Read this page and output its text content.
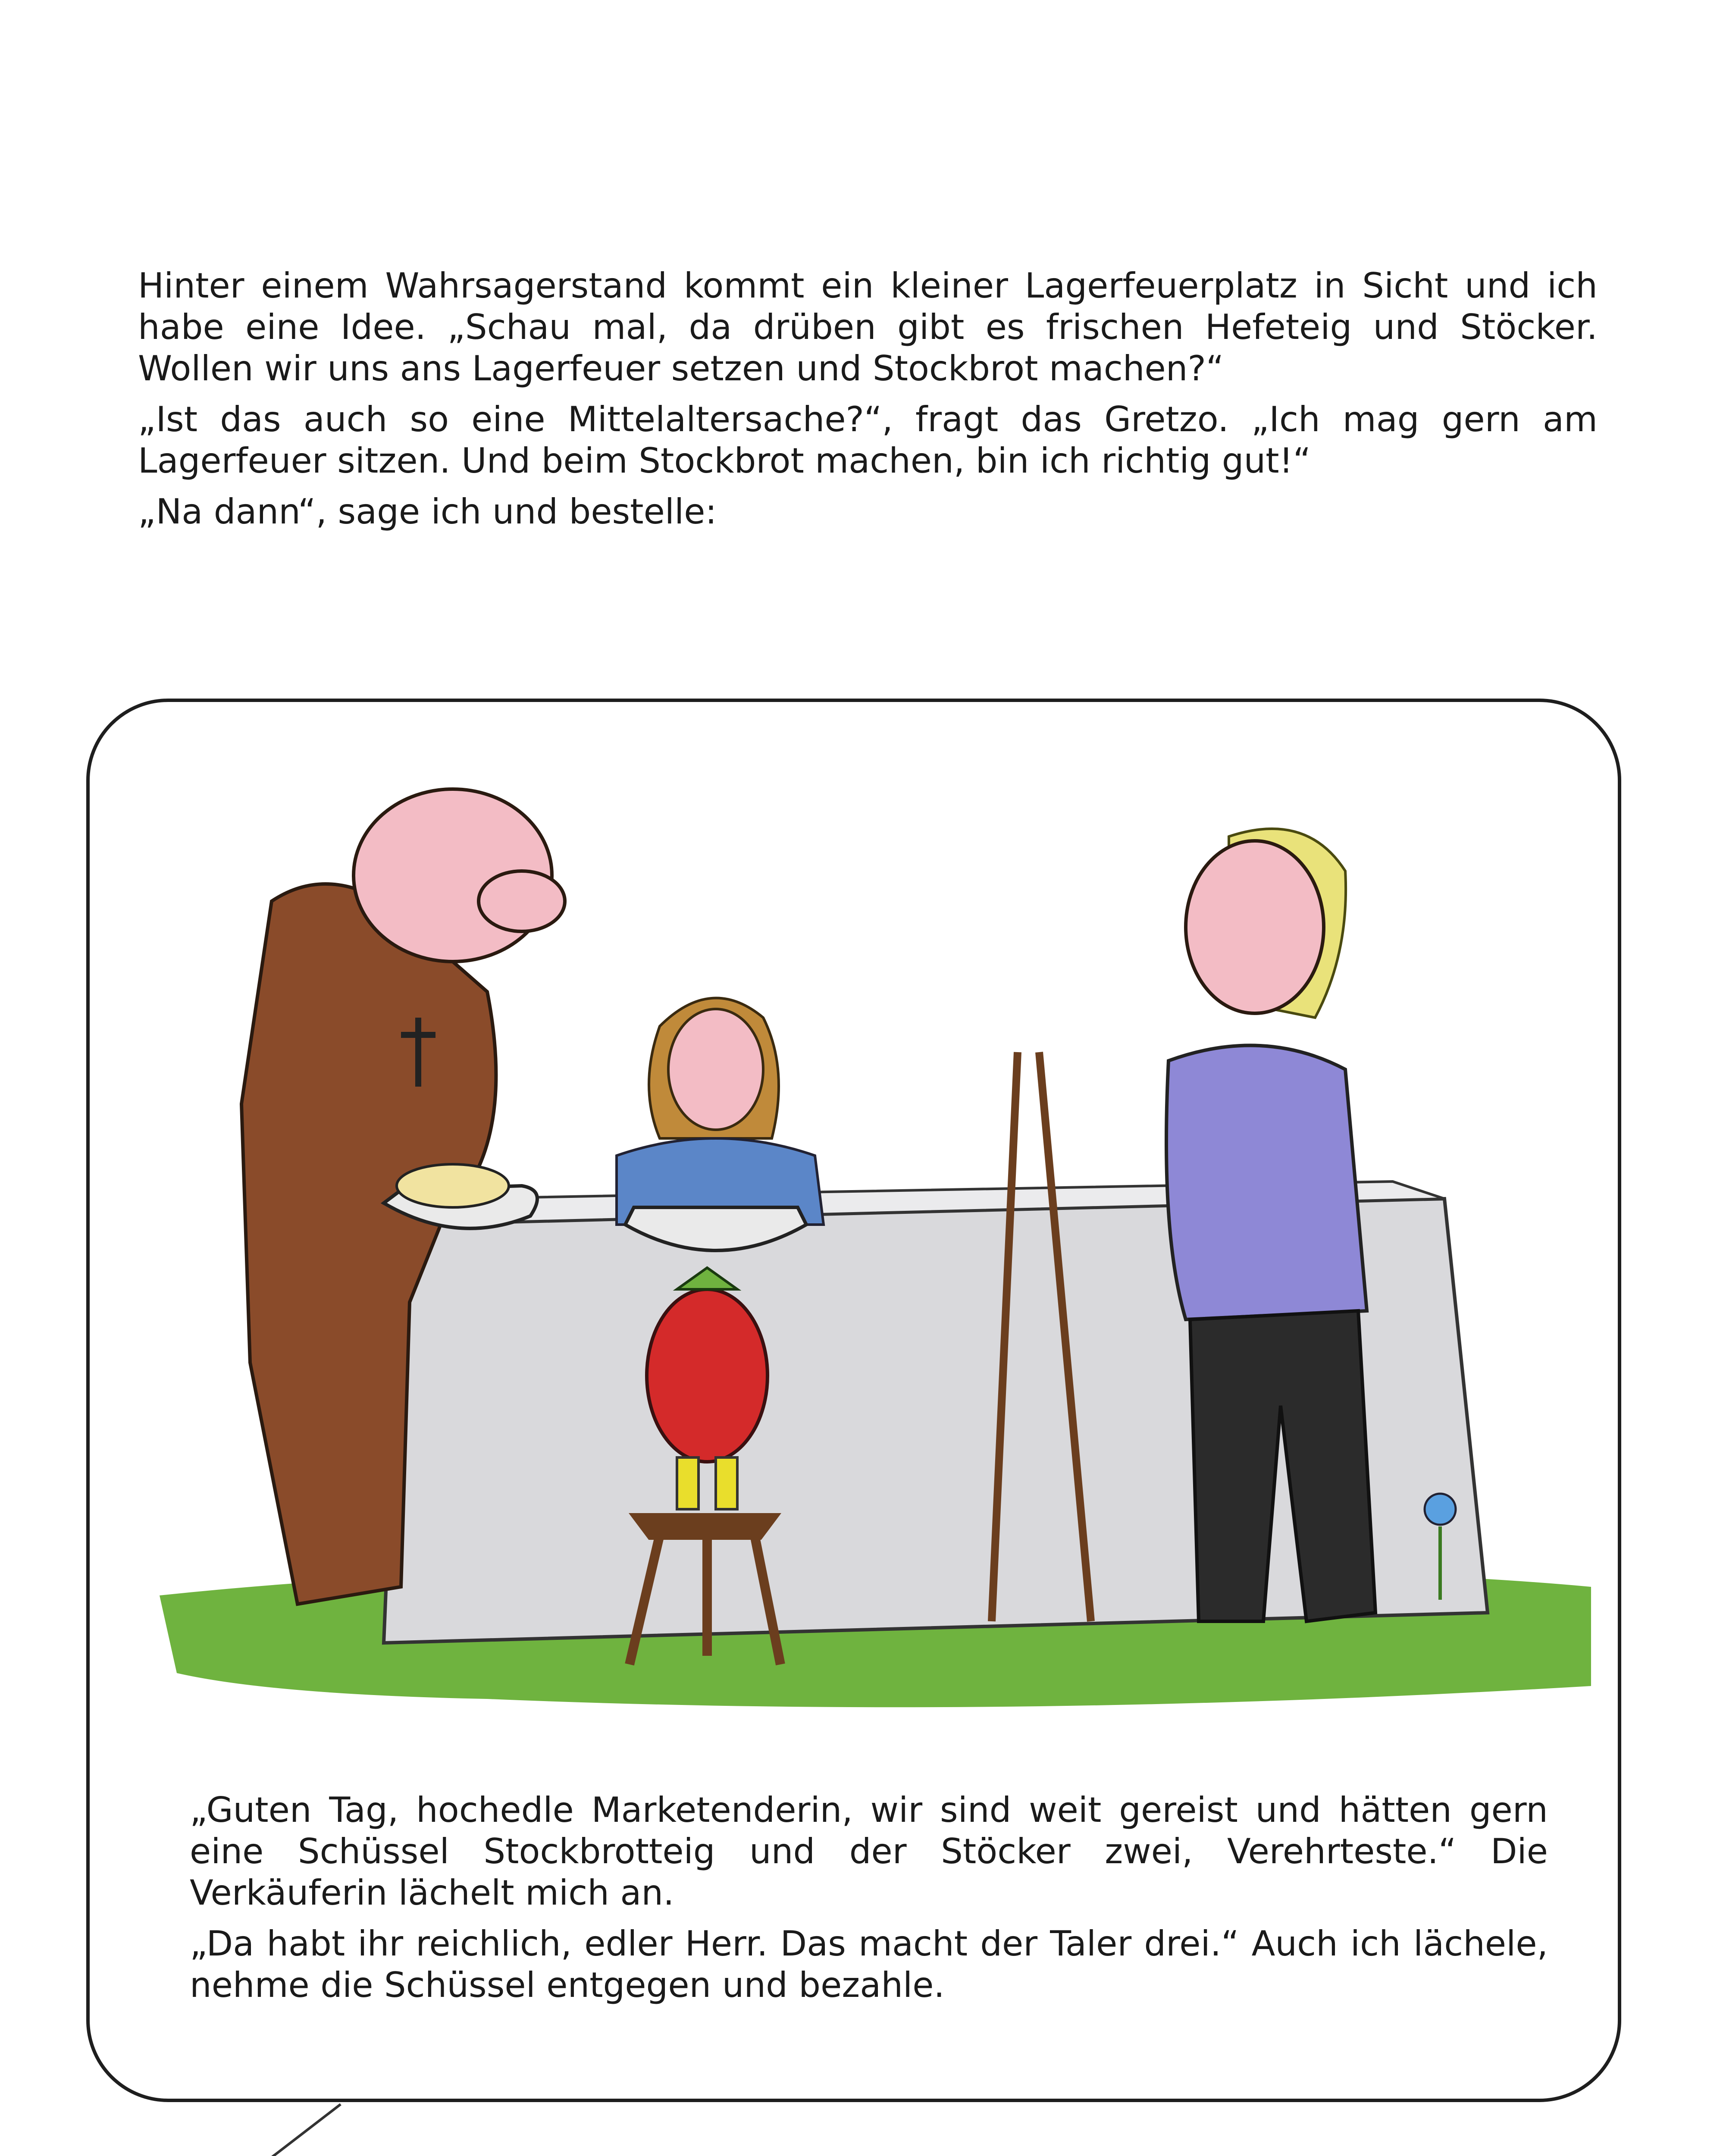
Hinter einem Wahrsagerstand kommt ein kleiner Lagerfeuerplatz in Sicht und ich habe eine Idee. „Schau mal, da drüben gibt es frischen Hefeteig und Stöcker. Wollen wir uns ans Lagerfeuer setzen und Stockbrot machen?“

„Ist das auch so eine Mittelaltersache?“, fragt das Gretzo. „Ich mag gern am Lagerfeuer sitzen. Und beim Stockbrot machen, bin ich richtig gut!“

„Na dann“, sage ich und bestelle:

„Guten Tag, hochedle Marketenderin, wir sind weit gereist und hätten gern eine Schüssel Stockbrotteig und der Stöcker zwei, Verehrteste.“ Die Verkäuferin lächelt mich an.

„Da habt ihr reichlich, edler Herr. Das macht der Taler drei.“ Auch ich lächele, nehme die Schüssel entgegen und bezahle.
